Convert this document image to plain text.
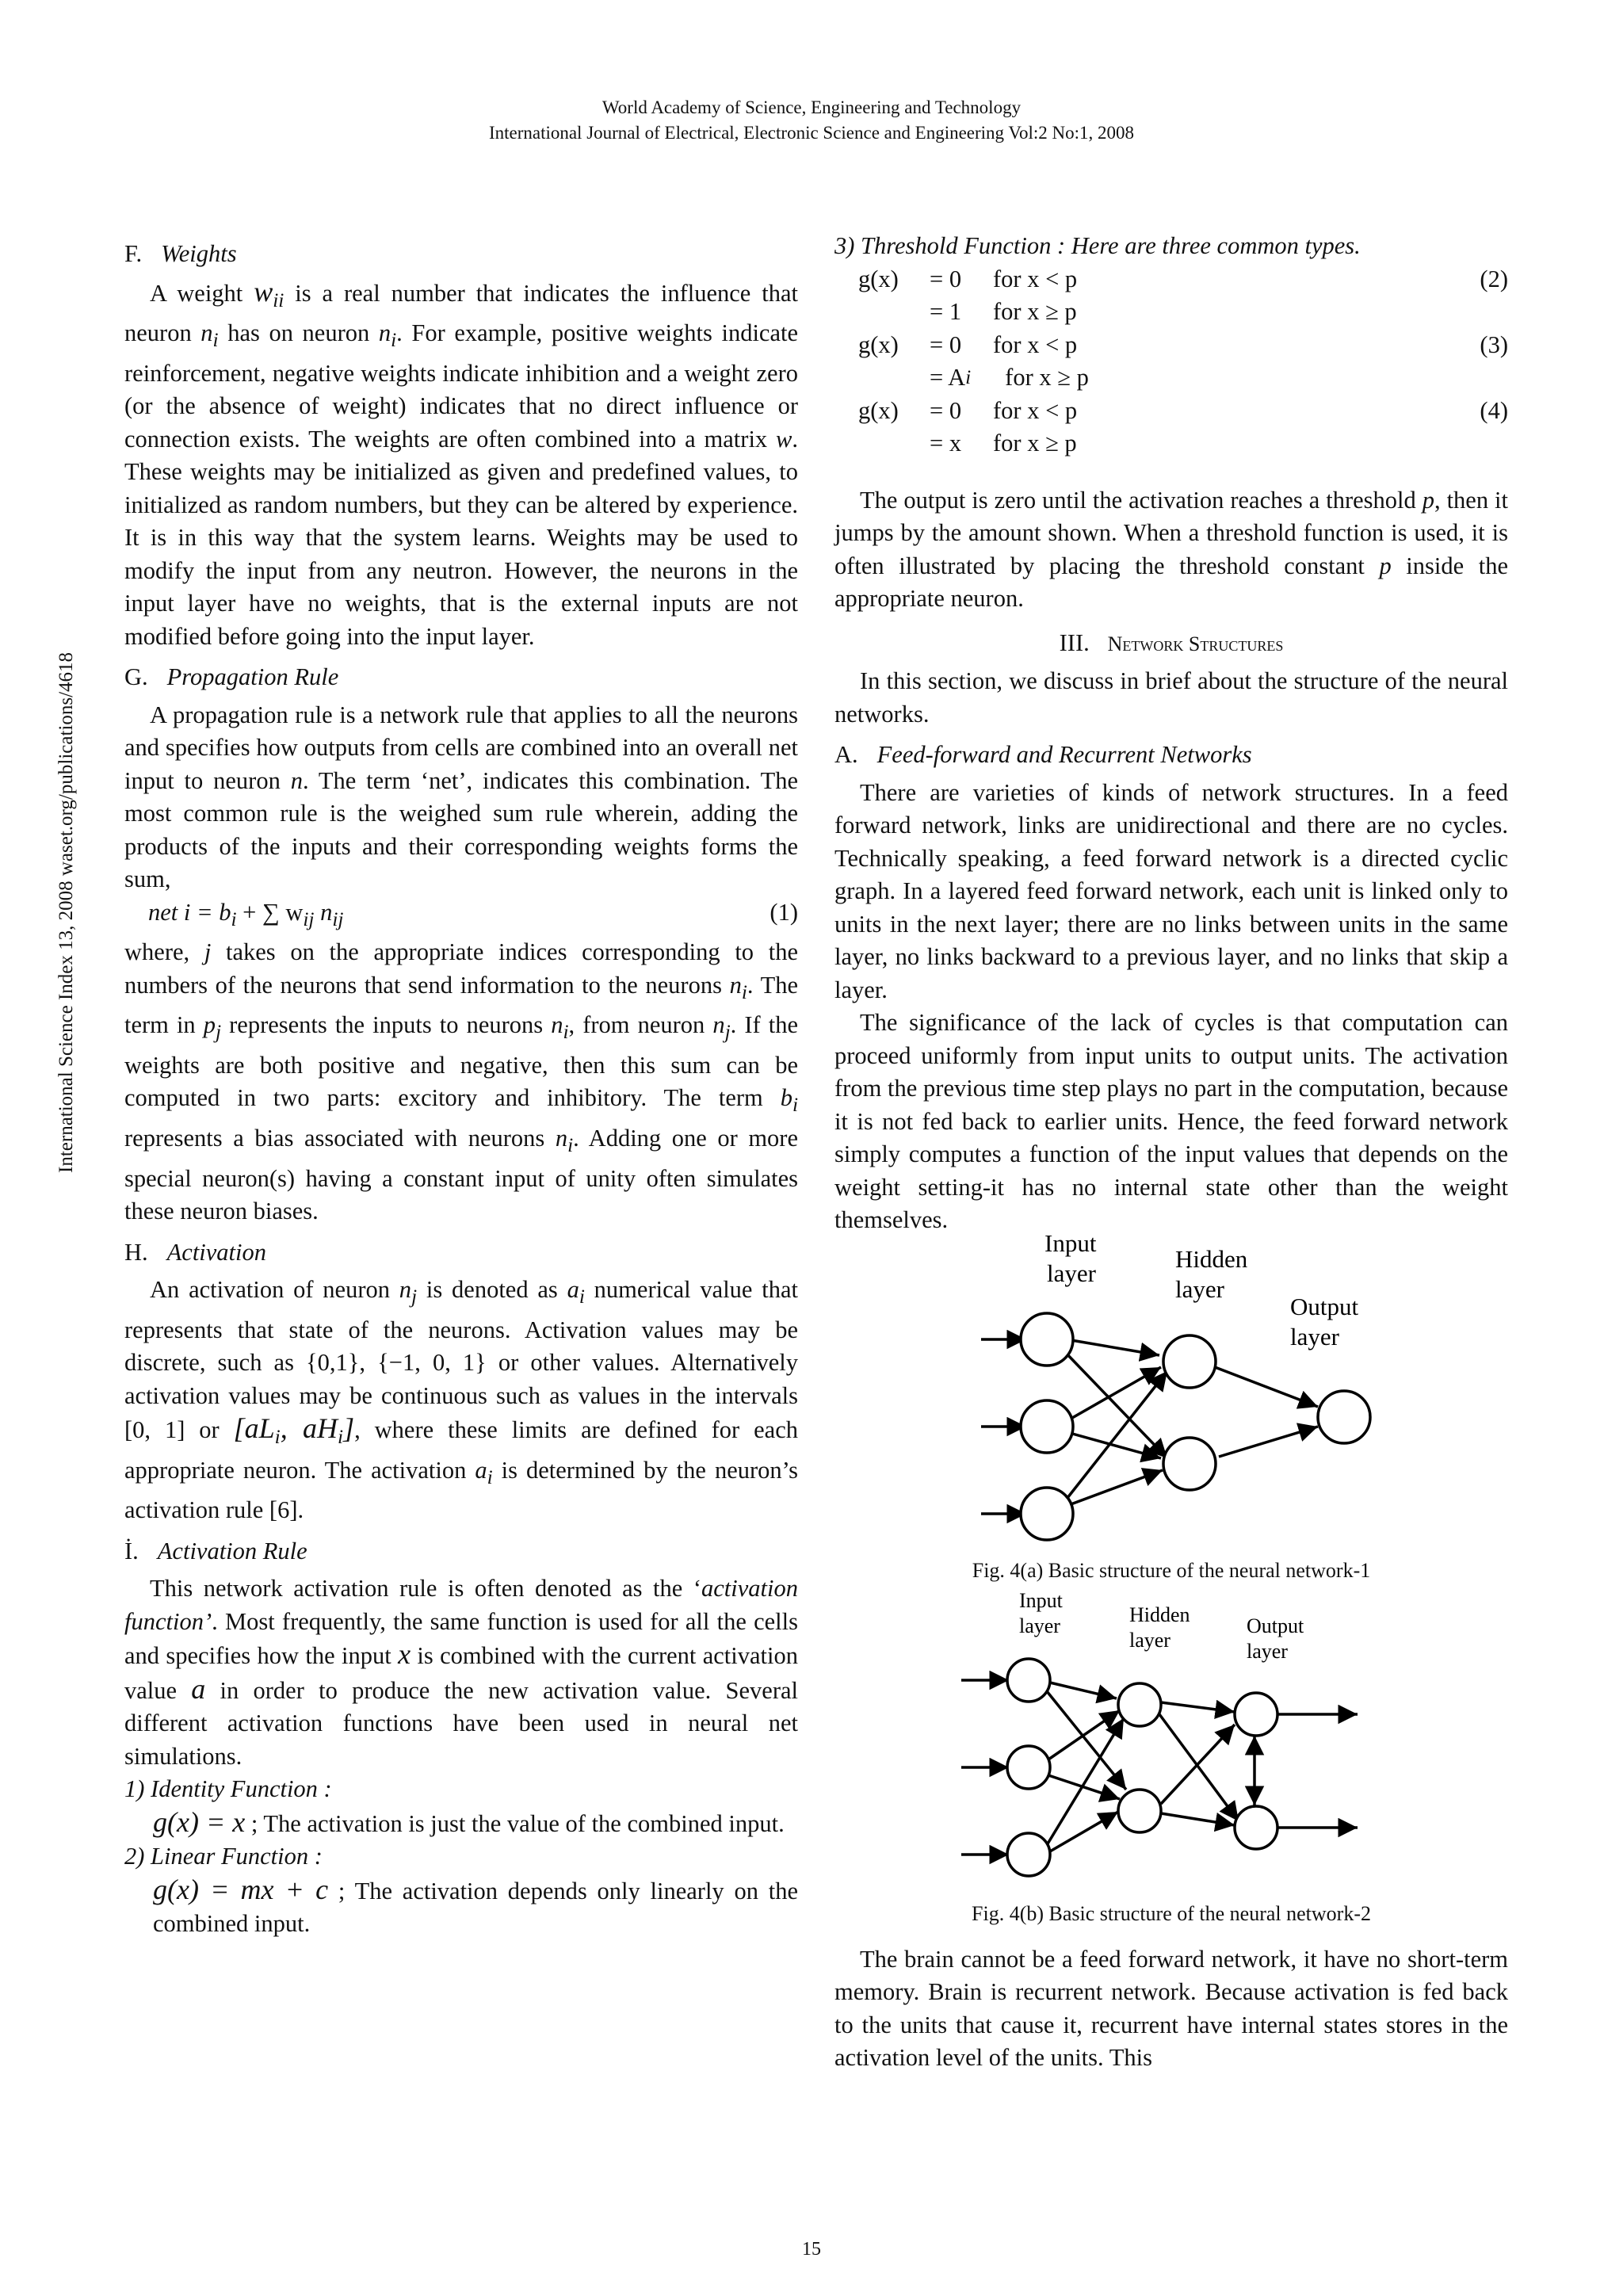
World Academy of Science, Engineering and Technology
International Journal of Electrical, Electronic Science and Engineering Vol:2 No:1, 2008
International Science Index 13, 2008 waset.org/publications/4618
F. Weights

A weight $w_{ii}$ is a real number that indicates the influence that neuron $n_i$ has on neuron $n_i$. For example, positive weights indicate reinforcement, negative weights indicate inhibition and a weight zero (or the absence of weight) indicates that no direct influence or connection exists. The weights are often combined into a matrix w. These weights may be initialized as given and predefined values, to initialized as random numbers, but they can be altered by experience. It is in this way that the system learns. Weights may be used to modify the input from any neutron. However, the neurons in the input layer have no weights, that is the external inputs are not modified before going into the input layer.

G. Propagation Rule

A propagation rule is a network rule that applies to all the neurons and specifies how outputs from cells are combined into an overall net input to neuron n. The term ‘net’, indicates this combination. The most common rule is the weighed sum rule wherein, adding the products of the inputs and their corresponding weights forms the sum,

net $i = b_i$ + ∑ $w_{ij}$ $n_{ij}$	(1)

where, j takes on the appropriate indices corresponding to the numbers of the neurons that send information to the neurons $n_i$. The term in $p_j$ represents the inputs to neurons $n_i$, from neuron $n_j$. If the weights are both positive and negative, then this sum can be computed in two parts: excitory and inhibitory. The term $b_i$ represents a bias associated with neurons $n_i$. Adding one or more special neuron(s) having a constant input of unity often simulates these neuron biases.

H. Activation

An activation of neuron $n_j$ is denoted as $a_i$ numerical value that represents that state of the neurons. Activation values may be discrete, such as {0,1}, {−1, 0, 1} or other values. Alternatively activation values may be continuous such as values in the intervals [0, 1] or [$aL_i$, $aH_i$], where these limits are defined for each appropriate neuron. The activation $a_i$ is determined by the neuron’s activation rule [6].

İ. Activation Rule

This network activation rule is often denoted as the ‘activation function’. Most frequently, the same function is used for all the cells and specifies how the input x is combined with the current activation value a in order to produce the new activation value. Several different activation functions have been used in neural net simulations.

1) Identity Function :

g(x) = x ; The activation is just the value of the combined input.

2) Linear Function :

g(x) = mx + c ; The activation depends only linearly on the combined input.

3) Threshold Function : Here are three common types.
g(x)	= 0	for x < p	(2)
= 1	for x ≥ p
g(x)	= 0	for x < p	(3)
= A i	for x ≥ p
g(x)	= 0	for x < p	(4)
= x	for x ≥ p

The output is zero until the activation reaches a threshold p, then it jumps by the amount shown. When a threshold function is used, it is often illustrated by placing the threshold constant p inside the appropriate neuron.

III. Network Structures

In this section, we discuss in brief about the structure of the neural networks.

A. Feed-forward and Recurrent Networks

There are varieties of kinds of network structures. In a feed forward network, links are unidirectional and there are no cycles. Technically speaking, a feed forward network is a directed cyclic graph. In a layered feed forward network, each unit is linked only to units in the next layer; there are no links between units in the same layer, no links backward to a previous layer, and no links that skip a layer.

The significance of the lack of cycles is that computation can proceed uniformly from input units to output units. The activation from the previous time step plays no part in the computation, because it is not fed back to earlier units. Hence, the feed forward network simply computes a function of the input values that depends on the weight setting-it has no internal state other than the weight themselves.

Input
layer
Hidden
layer
Output
layer
Fig. 4(a) Basic structure of the neural network-1
Input
layer	Hidden
layer
Output
layer
Fig. 4(b) Basic structure of the neural network-2

The brain cannot be a feed forward network, it have no short-term memory. Brain is recurrent network. Because activation is fed back to the units that cause it, recurrent have internal states stores in the activation level of the units. This

15
